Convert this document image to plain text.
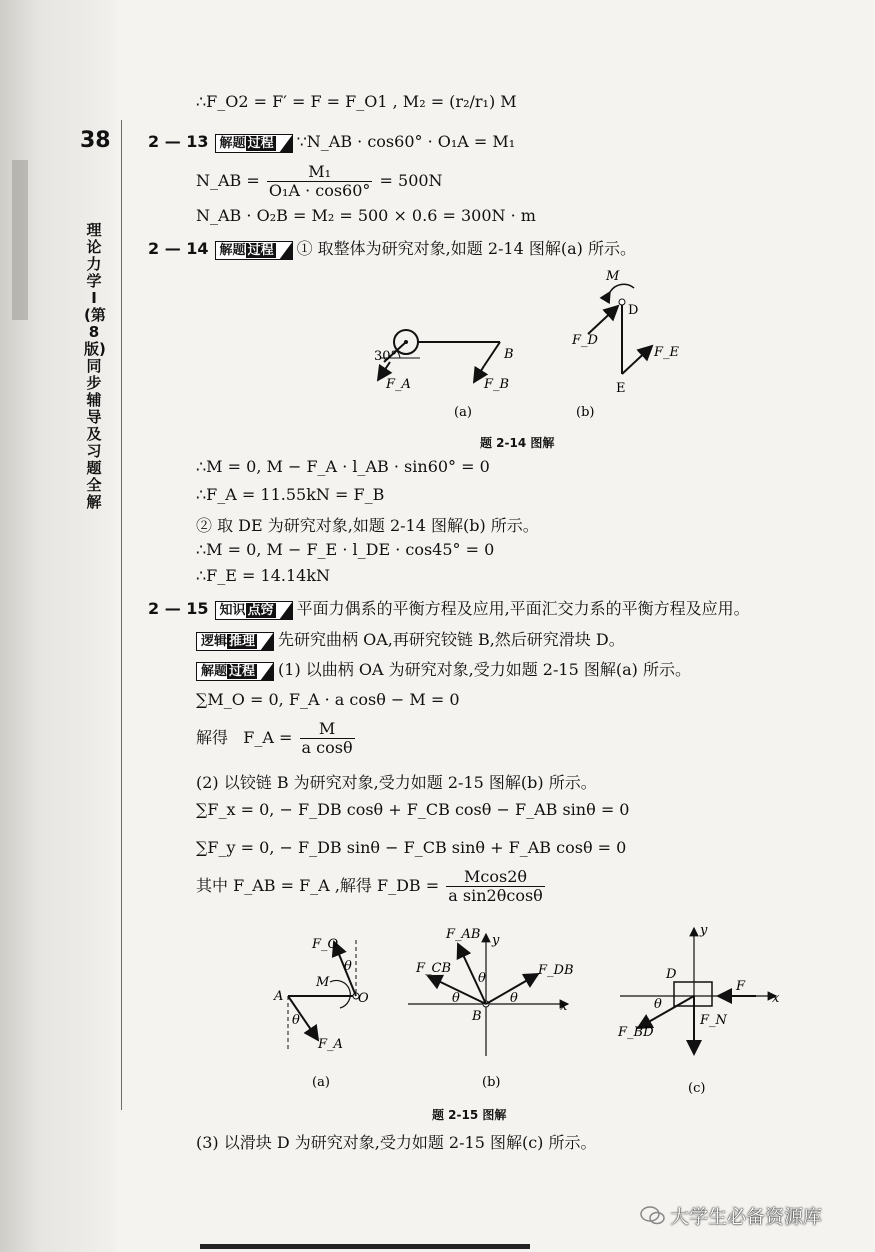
38
理论力学Ⅰ(第8版)同步辅导及习题全解
∴F_O2 = F′ = F = F_O1 , M₂ = (r₂/r₁) M
2 — 13 解题 过程 ∵N_AB · cos60° · O₁A = M₁
N_AB = $\frac{\text{M₁}}{\text{O₁A · cos60°}} = 500N$
N_AB · O₂B = M₂ = 500 × 0.6 = 300N · m
2 — 14 解题 过程 ① 取整体为研究对象,如题 2-14 图解(a) 所示。
30°	B
F_A	F_B
M
D
F_D
F_E
E
(a)	(b)
题 2-14 图解
∴M = 0, M − F_A · l_AB · sin60° = 0
∴F_A = 11.55kN = F_B
② 取 DE 为研究对象,如题 2-14 图解(b) 所示。
∴M = 0, M − F_E · l_DE · cos45° = 0
∴F_E = 14.14kN
2 — 15 知识 点窍 平面力偶系的平衡方程及应用,平面汇交力系的平衡方程及应用。
逻辑 推理 先研究曲柄 OA,再研究铰链 B,然后研究滑块 D。
解题 过程 (1) 以曲柄 OA 为研究对象,受力如题 2-15 图解(a) 所示。
∑M_O = 0, F_A · a cosθ − M = 0
解得 F_A = $\frac{M}{\text{a cosθ}}$
(2) 以铰链 B 为研究对象,受力如题 2-15 图解(b) 所示。
∑F_x = 0, − F_DB cosθ + F_CB cosθ − F_AB sinθ = 0
∑F_y = 0, − F_DB sinθ − F_CB sinθ + F_AB cosθ = 0
其中 F_AB = F_A ,解得 F_DB = $\frac{Mcos2\theta}{\text{a sin2θcosθ}}$
F_O
θ
M
A	O
θ
F_A
(a)
F_AB y
F_CB	F_DB
θ
θ	θ
x
B
(b)
y
D
F
x
θ
F_N
F_BD
(c)
题 2-15 图解
(3) 以滑块 D 为研究对象,受力如题 2-15 图解(c) 所示。
大学生必备资源库
